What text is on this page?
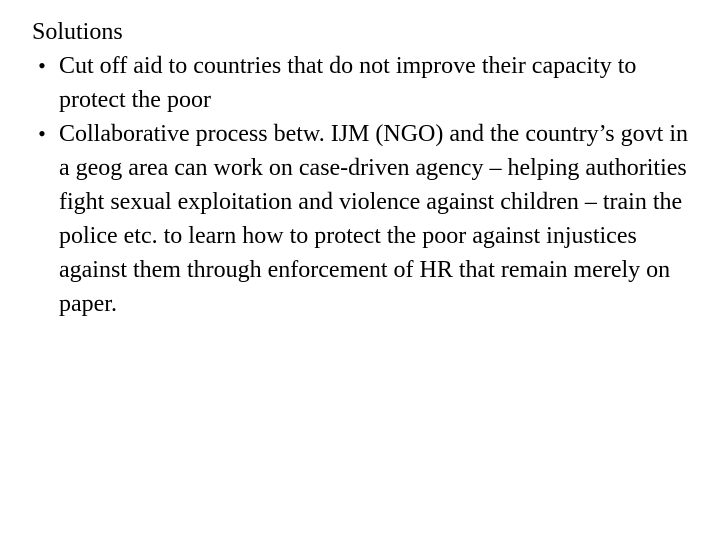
Solutions
• Cut off aid to countries that do not improve their capacity to protect the poor
• Collaborative process betw. IJM (NGO) and the country’s govt in a geog area can work on case-driven agency – helping authorities fight sexual exploitation and violence against children – train the police etc. to learn how to protect the poor against injustices against them through enforcement of HR that remain merely on paper.
